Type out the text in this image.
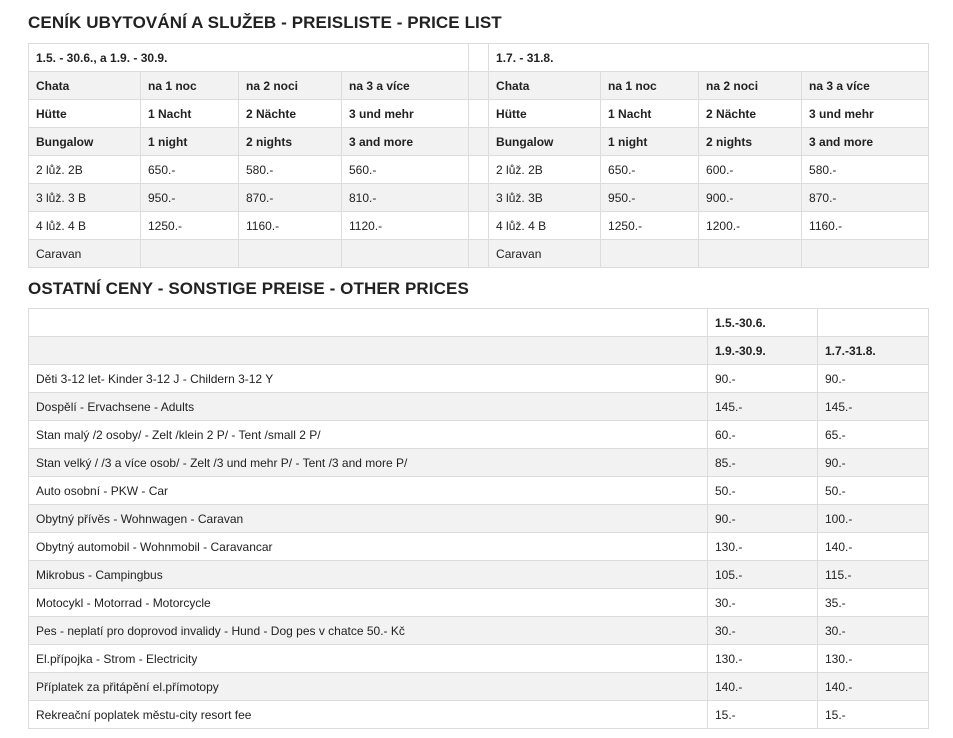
CENÍK UBYTOVÁNÍ A SLUŽEB - PREISLISTE - PRICE LIST
1.5. - 30.6., a 1.9. - 30.9.					1.7. - 31.8.			
Chata	na 1 noc	na 2 noci	na 3 a více		Chata	na 1 noc	na 2 noci	na 3 a více
Hütte	1 Nacht	2 Nächte	3 und mehr		Hütte	1 Nacht	2 Nächte	3 und mehr
Bungalow	1 night	2 nights	3 and more		Bungalow	1 night	2 nights	3 and more
2 lůž. 2B	650.-	580.-	560.-		2 lůž. 2B	650.-	600.-	580.-
3 lůž. 3 B	950.-	870.-	810.-		3 lůž. 3B	950.-	900.-	870.-
4 lůž. 4 B	1250.-	1160.-	1120.-		4 lůž. 4 B	1250.-	1200.-	1160.-
Caravan					Caravan			
OSTATNÍ CENY - SONSTIGE PREISE - OTHER PRICES
	1.5.-30.6.	
	1.9.-30.9.	1.7.-31.8.
Děti 3-12 let- Kinder 3-12 J - Childern 3-12 Y	90.-	90.-
Dospělí - Ervachsene - Adults	145.-	145.-
Stan malý /2 osoby/ - Zelt /klein 2 P/ - Tent /small 2 P/	60.-	65.-
Stan velký / /3 a více osob/ - Zelt /3 und mehr P/ - Tent /3 and more P/	85.-	90.-
Auto osobní - PKW - Car	50.-	50.-
Obytný přívěs - Wohnwagen - Caravan	90.-	100.-
Obytný automobil - Wohnmobil - Caravancar	130.-	140.-
Mikrobus - Campingbus	105.-	115.-
Motocykl - Motorrad - Motorcycle	30.-	35.-
Pes - neplatí pro doprovod invalidy - Hund - Dog pes v chatce 50.- Kč	30.-	30.-
El.přípojka - Strom - Electricity	130.-	130.-
Příplatek za přitápění el.přímotopy	140.-	140.-
Rekreační poplatek městu-city resort fee	15.-	15.-
